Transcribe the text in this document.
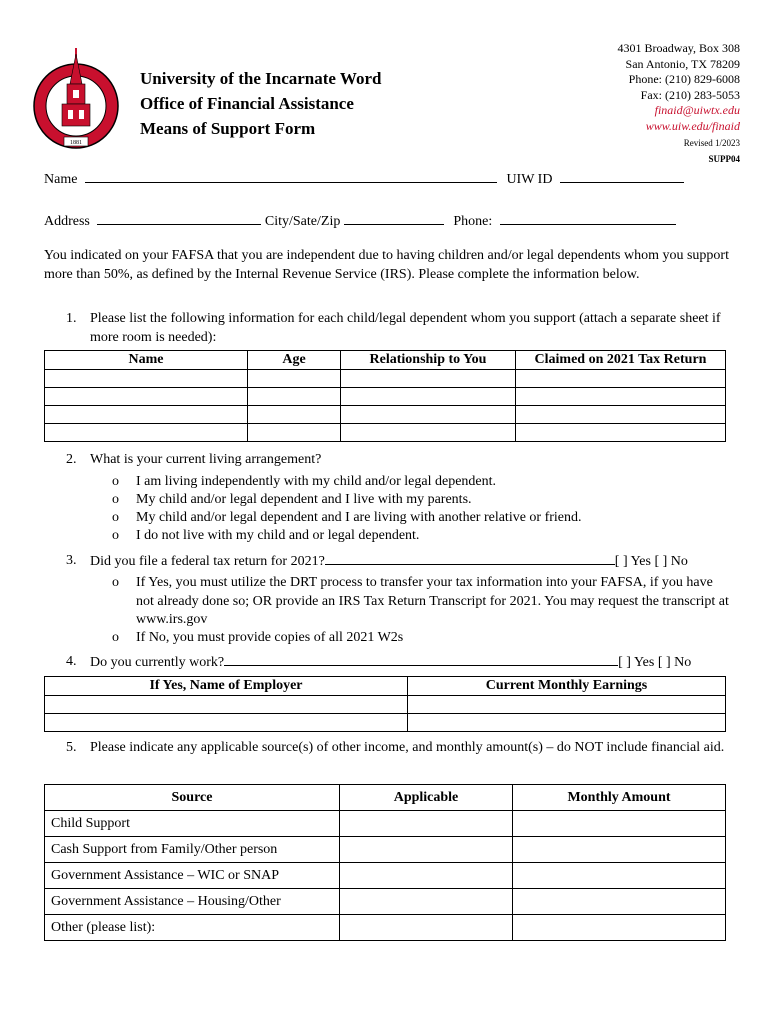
1881
University of the Incarnate Word
Office of Financial Assistance
Means of Support Form
4301 Broadway, Box 308
San Antonio, TX 78209
Phone: (210) 829-6008
Fax: (210) 283-5053
finaid@uiwtx.edu
www.uiw.edu/finaid
Revised 1/2023
SUPP04
Name	UIW ID
Address	City/Sate/Zip	Phone:
You indicated on your FAFSA that you are independent due to having children and/or legal dependents whom you support more than 50%, as defined by the Internal Revenue Service (IRS). Please complete the information below.
1. Please list the following information for each child/legal dependent whom you support (attach a separate sheet if more room is needed):
Name	Age	Relationship to You	Claimed on 2021 Tax Return

2. What is your current living arrangement?
o I am living independently with my child and/or legal dependent.
o My child and/or legal dependent and I live with my parents.
o My child and/or legal dependent and I are living with another relative or friend.
o I do not live with my child and or legal dependent.
3. Did you file a federal tax return for 2021?	[ ] Yes [ ] No
o If Yes, you must utilize the DRT process to transfer your tax information into your FAFSA, if you have not already done so; OR provide an IRS Tax Return Transcript for 2021. You may request the transcript at www.irs.gov
o If No, you must provide copies of all 2021 W2s
4. Do you currently work?	[ ] Yes [ ] No
If Yes, Name of Employer	Current Monthly Earnings

5. Please indicate any applicable source(s) of other income, and monthly amount(s) – do NOT include financial aid.
Source	Applicable	Monthly Amount
Child Support		
Cash Support from Family/Other person		
Government Assistance – WIC or SNAP		
Government Assistance – Housing/Other		
Other (please list):		
